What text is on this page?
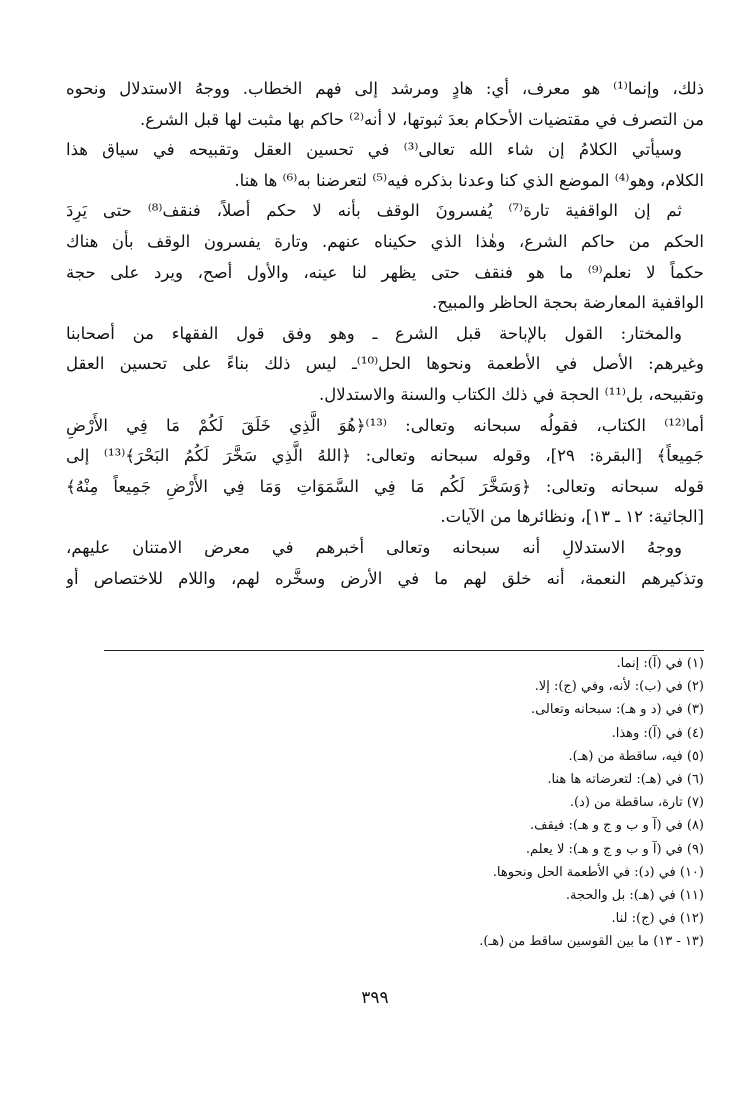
ذلك، وإنما⁽¹⁾ هو معرف، أي: هادٍ ومرشد إلى فهم الخطاب. ووجهُ الاستدلال ونحوه
من التصرف في مقتضيات الأحكام بعدَ ثبوتها، لا أنه⁽²⁾ حاكم بها مثبت لها قبل الشرع.
وسيأتي الكلامُ إن شاء الله تعالى⁽³⁾ في تحسين العقل وتقبيحه في سياق هذا
الكلام، وهو⁽⁴⁾ الموضع الذي كنا وعدنا بذكره فيه⁽⁵⁾ لتعرضنا به⁽⁶⁾ ها هنا.
ثم إن الواقفية تارة⁽⁷⁾ يُفسرونَ الوقف بأنه لا حكم أصلاً، فنقف⁽⁸⁾ حتى يَرِدَ
الحكم من حاكم الشرع، وهٰذا الذي حكيناه عنهم. وتارة يفسرون الوقف بأن هناك
حكماً لا نعلم⁽⁹⁾ ما هو فنقف حتى يظهر لنا عينه، والأول أصح، ويرد على حجة
الواقفية المعارضة بحجة الحاظر والمبيح.
والمختار: القول بالإباحة قبل الشرع ـ وهو وفق قول الفقهاء من أصحابنا
وغيرهم: الأصل في الأطعمة ونحوها الحل⁽¹⁰⁾ـ ليس ذلك بناءً على تحسين العقل
وتقبيحه، بل⁽¹¹⁾ الحجة في ذلك الكتاب والسنة والاستدلال.
أما⁽¹²⁾ الكتاب، فقولُه سبحانه وتعالى: ⁽¹³⁾﴿هُوَ الَّذِي خَلَقَ لَكُمْ مَا فِي الأَرْضِ
جَمِيعاً﴾ [البقرة: ٢٩]، وقوله سبحانه وتعالى: ﴿اللهُ الَّذِي سَخَّرَ لَكُمُ البَحْرَ﴾⁽¹³⁾ إلى
قوله سبحانه وتعالى: ﴿وَسَخَّرَ لَكُم مَا فِي السَّمَوَاتِ وَمَا فِي الأَرْضِ جَمِيعاً مِنْهُ﴾
[الجاثية: ١٢ ـ ١٣]، ونظائرها من الآيات.
ووجهُ الاستدلالِ أنه سبحانه وتعالى أخبرهم في معرض الامتنان عليهم،
وتذكيرهم النعمة، أنه خلق لهم ما في الأرض وسخَّره لهم، واللام للاختصاص أو
(١) في (آ): إنما.
(٢) في (ب): لأنه، وفي (ج): إلا.
(٣) في (د و هـ): سبحانه وتعالى.
(٤) في (آ): وهذا.
(٥) فيه، ساقطة من (هـ).
(٦) في (هـ): لتعرضاته ها هنا.
(٧) تارة، ساقطة من (د).
(٨) في (آ و ب و ج و هـ): فيقف.
(٩) في (آ و ب و ج و هـ): لا يعلم.
(١٠) في (د): في الأطعمة الحل ونحوها.
(١١) في (هـ): بل والحجة.
(١٢) في (ج): لنا.
(١٣ - ١٣) ما بين القوسين ساقط من (هـ).
٣٩٩
